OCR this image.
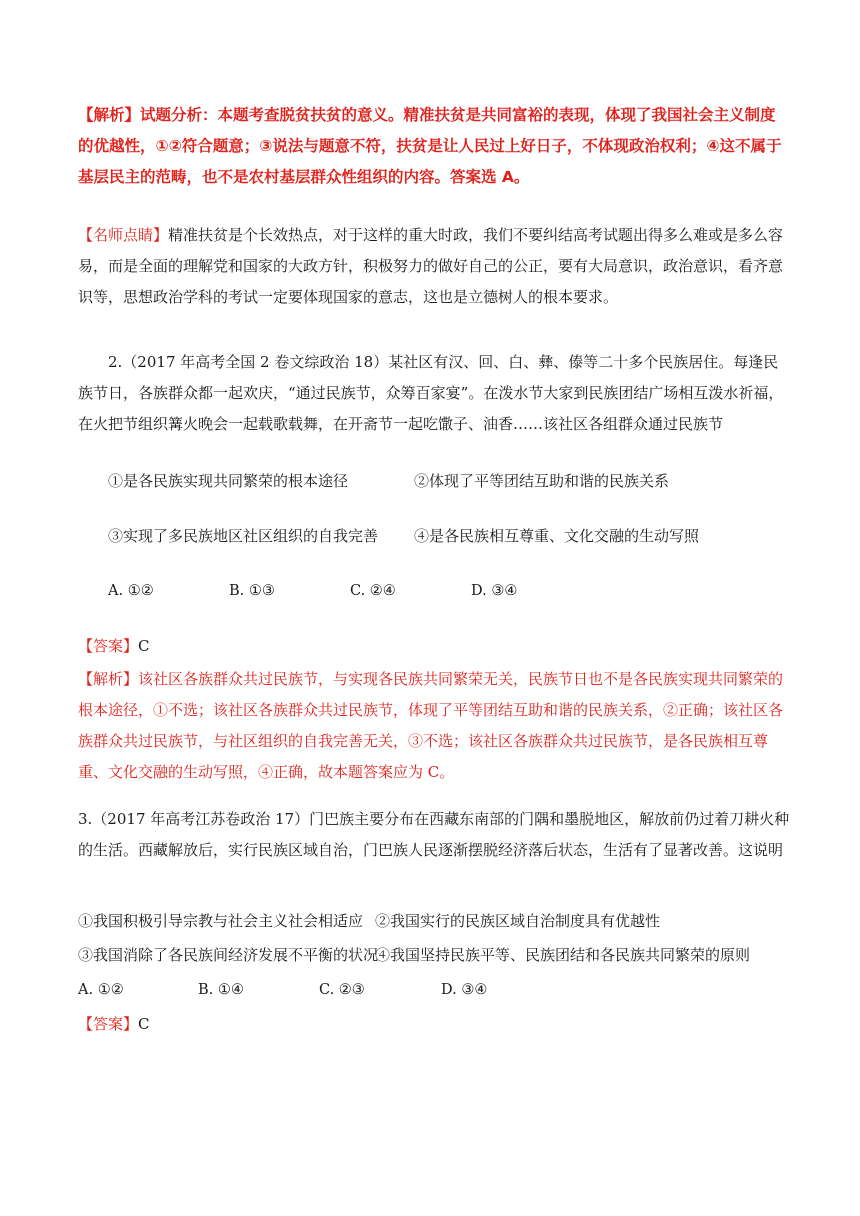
【解析】试题分析：本题考查脱贫扶贫的意义。精准扶贫是共同富裕的表现，体现了我国社会主义制度的优越性，①②符合题意；③说法与题意不符，扶贫是让人民过上好日子，不体现政治权利；④这不属于基层民主的范畴，也不是农村基层群众性组织的内容。答案选 A。
【名师点睛】精准扶贫是个长效热点，对于这样的重大时政，我们不要纠结高考试题出得多么难或是多么容易，而是全面的理解党和国家的大政方针，积极努力的做好自己的公正，要有大局意识，政治意识，看齐意识等，思想政治学科的考试一定要体现国家的意志，这也是立德树人的根本要求。
2.（2017 年高考全国 2 卷文综政治 18）某社区有汉、回、白、彝、傣等二十多个民族居住。每逢民族节日，各族群众都一起欢庆，“通过民族节，众筹百家宴”。在泼水节大家到民族团结广场相互泼水祈福，在火把节组织篝火晚会一起载歌载舞，在开斋节一起吃馓子、油香……该社区各组群众通过民族节
①是各民族实现共同繁荣的根本途径	②体现了平等团结互助和谐的民族关系
③实现了多民族地区社区组织的自我完善 ④是各民族相互尊重、文化交融的生动写照
A. ①②	B. ①③	C. ②④	D. ③④
【答案】C
【解析】该社区各族群众共过民族节，与实现各民族共同繁荣无关，民族节日也不是各民族实现共同繁荣的根本途径，①不选；该社区各族群众共过民族节，体现了平等团结互助和谐的民族关系，②正确；该社区各族群众共过民族节，与社区组织的自我完善无关，③不选；该社区各族群众共过民族节，是各民族相互尊重、文化交融的生动写照，④正确，故本题答案应为 C。
3.（2017 年高考江苏卷政治 17）门巴族主要分布在西藏东南部的门隅和墨脱地区，解放前仍过着刀耕火种的生活。西藏解放后，实行民族区域自治，门巴族人民逐渐摆脱经济落后状态，生活有了显著改善。这说明
①我国积极引导宗教与社会主义社会相适应 ②我国实行的民族区域自治制度具有优越性
③我国消除了各民族间经济发展不平衡的状况
④我国坚持民族平等、民族团结和各民族共同繁荣的原则
A. ①②	B. ①④	C. ②③	D. ③④
【答案】C
